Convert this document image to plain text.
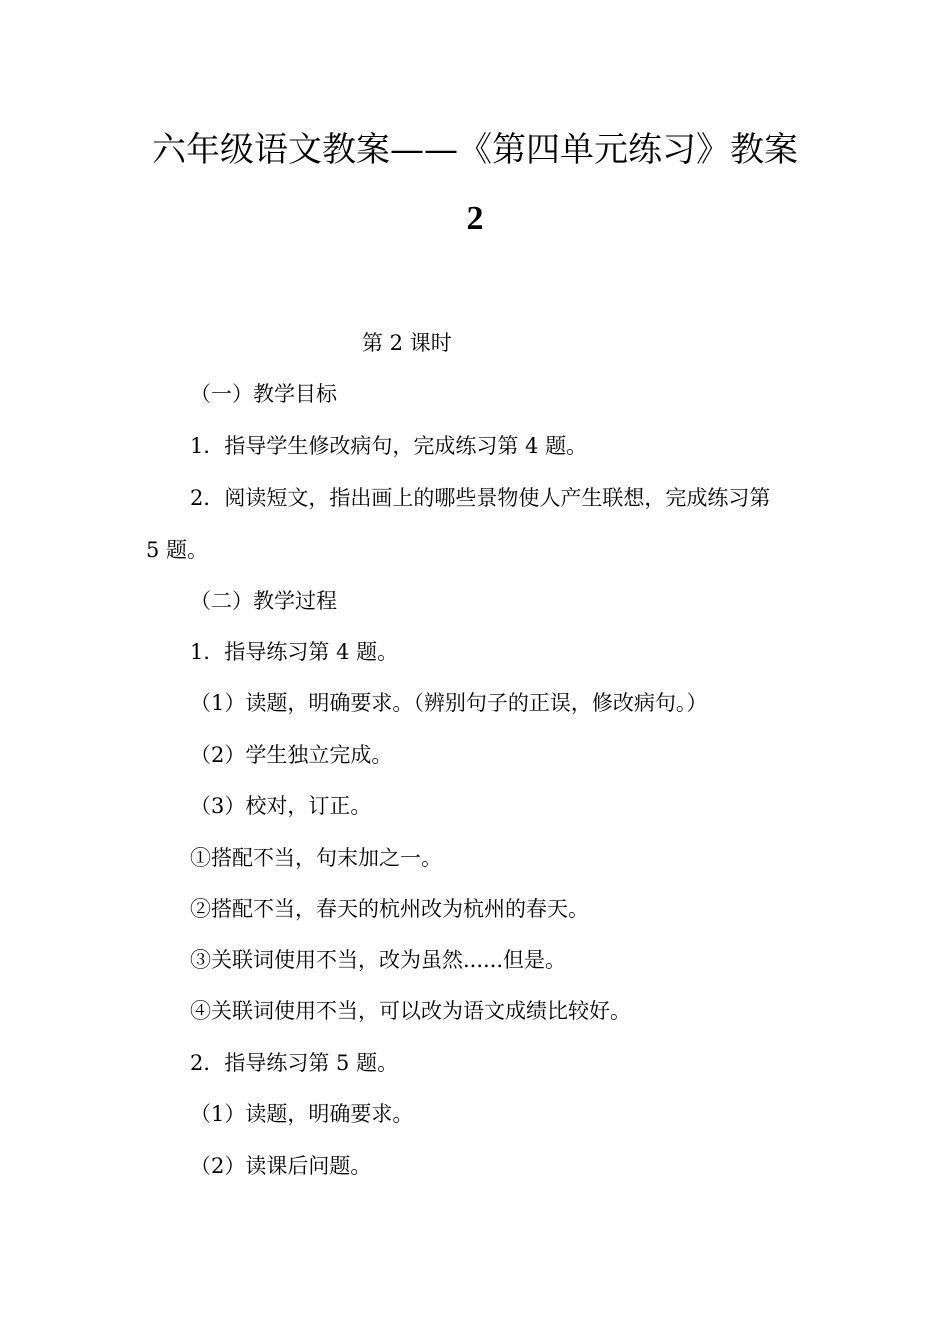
六年级语文教案——《第四单元练习》教案
2
第 2 课时
（一）教学目标
1．指导学生修改病句，完成练习第 4 题。
2．阅读短文，指出画上的哪些景物使人产生联想，完成练习第
5 题。
（二）教学过程
1．指导练习第 4 题。
（1）读题，明确要求。（辨别句子的正误，修改病句。）
（2）学生独立完成。
（3）校对，订正。
①搭配不当，句末加之一。
②搭配不当，春天的杭州改为杭州的春天。
③关联词使用不当，改为虽然......但是。
④关联词使用不当，可以改为语文成绩比较好。
2．指导练习第 5 题。
（1）读题，明确要求。
（2）读课后问题。
